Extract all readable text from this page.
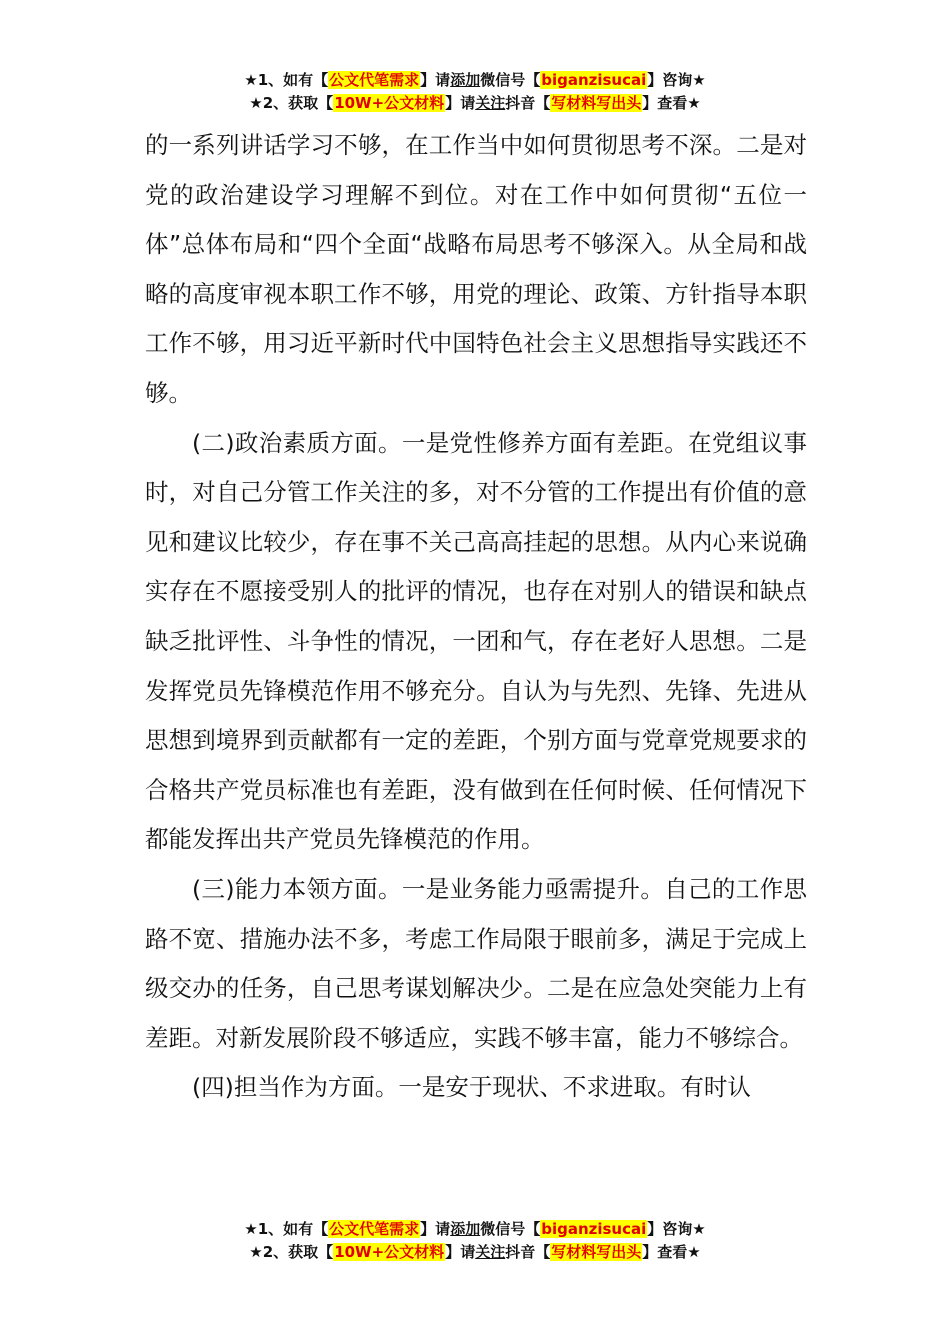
★1、如有【公文代笔需求】请添加微信号【biganzisucai】咨询★
★2、获取【10W+公文材料】请关注抖音【写材料写出头】查看★

的一系列讲话学习不够，在工作当中如何贯彻思考不深。二是对党的政治建设学习理解不到位。对在工作中如何贯彻“五位一体”总体布局和“四个全面“战略布局思考不够深入。从全局和战略的高度审视本职工作不够，用党的理论、政策、方针指导本职工作不够，用习近平新时代中国特色社会主义思想指导实践还不够。

(二)政治素质方面。一是党性修养方面有差距。在党组议事时，对自己分管工作关注的多，对不分管的工作提出有价值的意见和建议比较少，存在事不关己高高挂起的思想。从内心来说确实存在不愿接受别人的批评的情况，也存在对别人的错误和缺点缺乏批评性、斗争性的情况，一团和气，存在老好人思想。二是发挥党员先锋模范作用不够充分。自认为与先烈、先锋、先进从思想到境界到贡献都有一定的差距，个别方面与党章党规要求的合格共产党员标准也有差距，没有做到在任何时候、任何情况下都能发挥出共产党员先锋模范的作用。

(三)能力本领方面。一是业务能力亟需提升。自己的工作思路不宽、措施办法不多，考虑工作局限于眼前多，满足于完成上级交办的任务，自己思考谋划解决少。二是在应急处突能力上有差距。对新发展阶段不够适应，实践不够丰富，能力不够综合。

(四)担当作为方面。一是安于现状、不求进取。有时认

★1、如有【公文代笔需求】请添加微信号【biganzisucai】咨询★
★2、获取【10W+公文材料】请关注抖音【写材料写出头】查看★
